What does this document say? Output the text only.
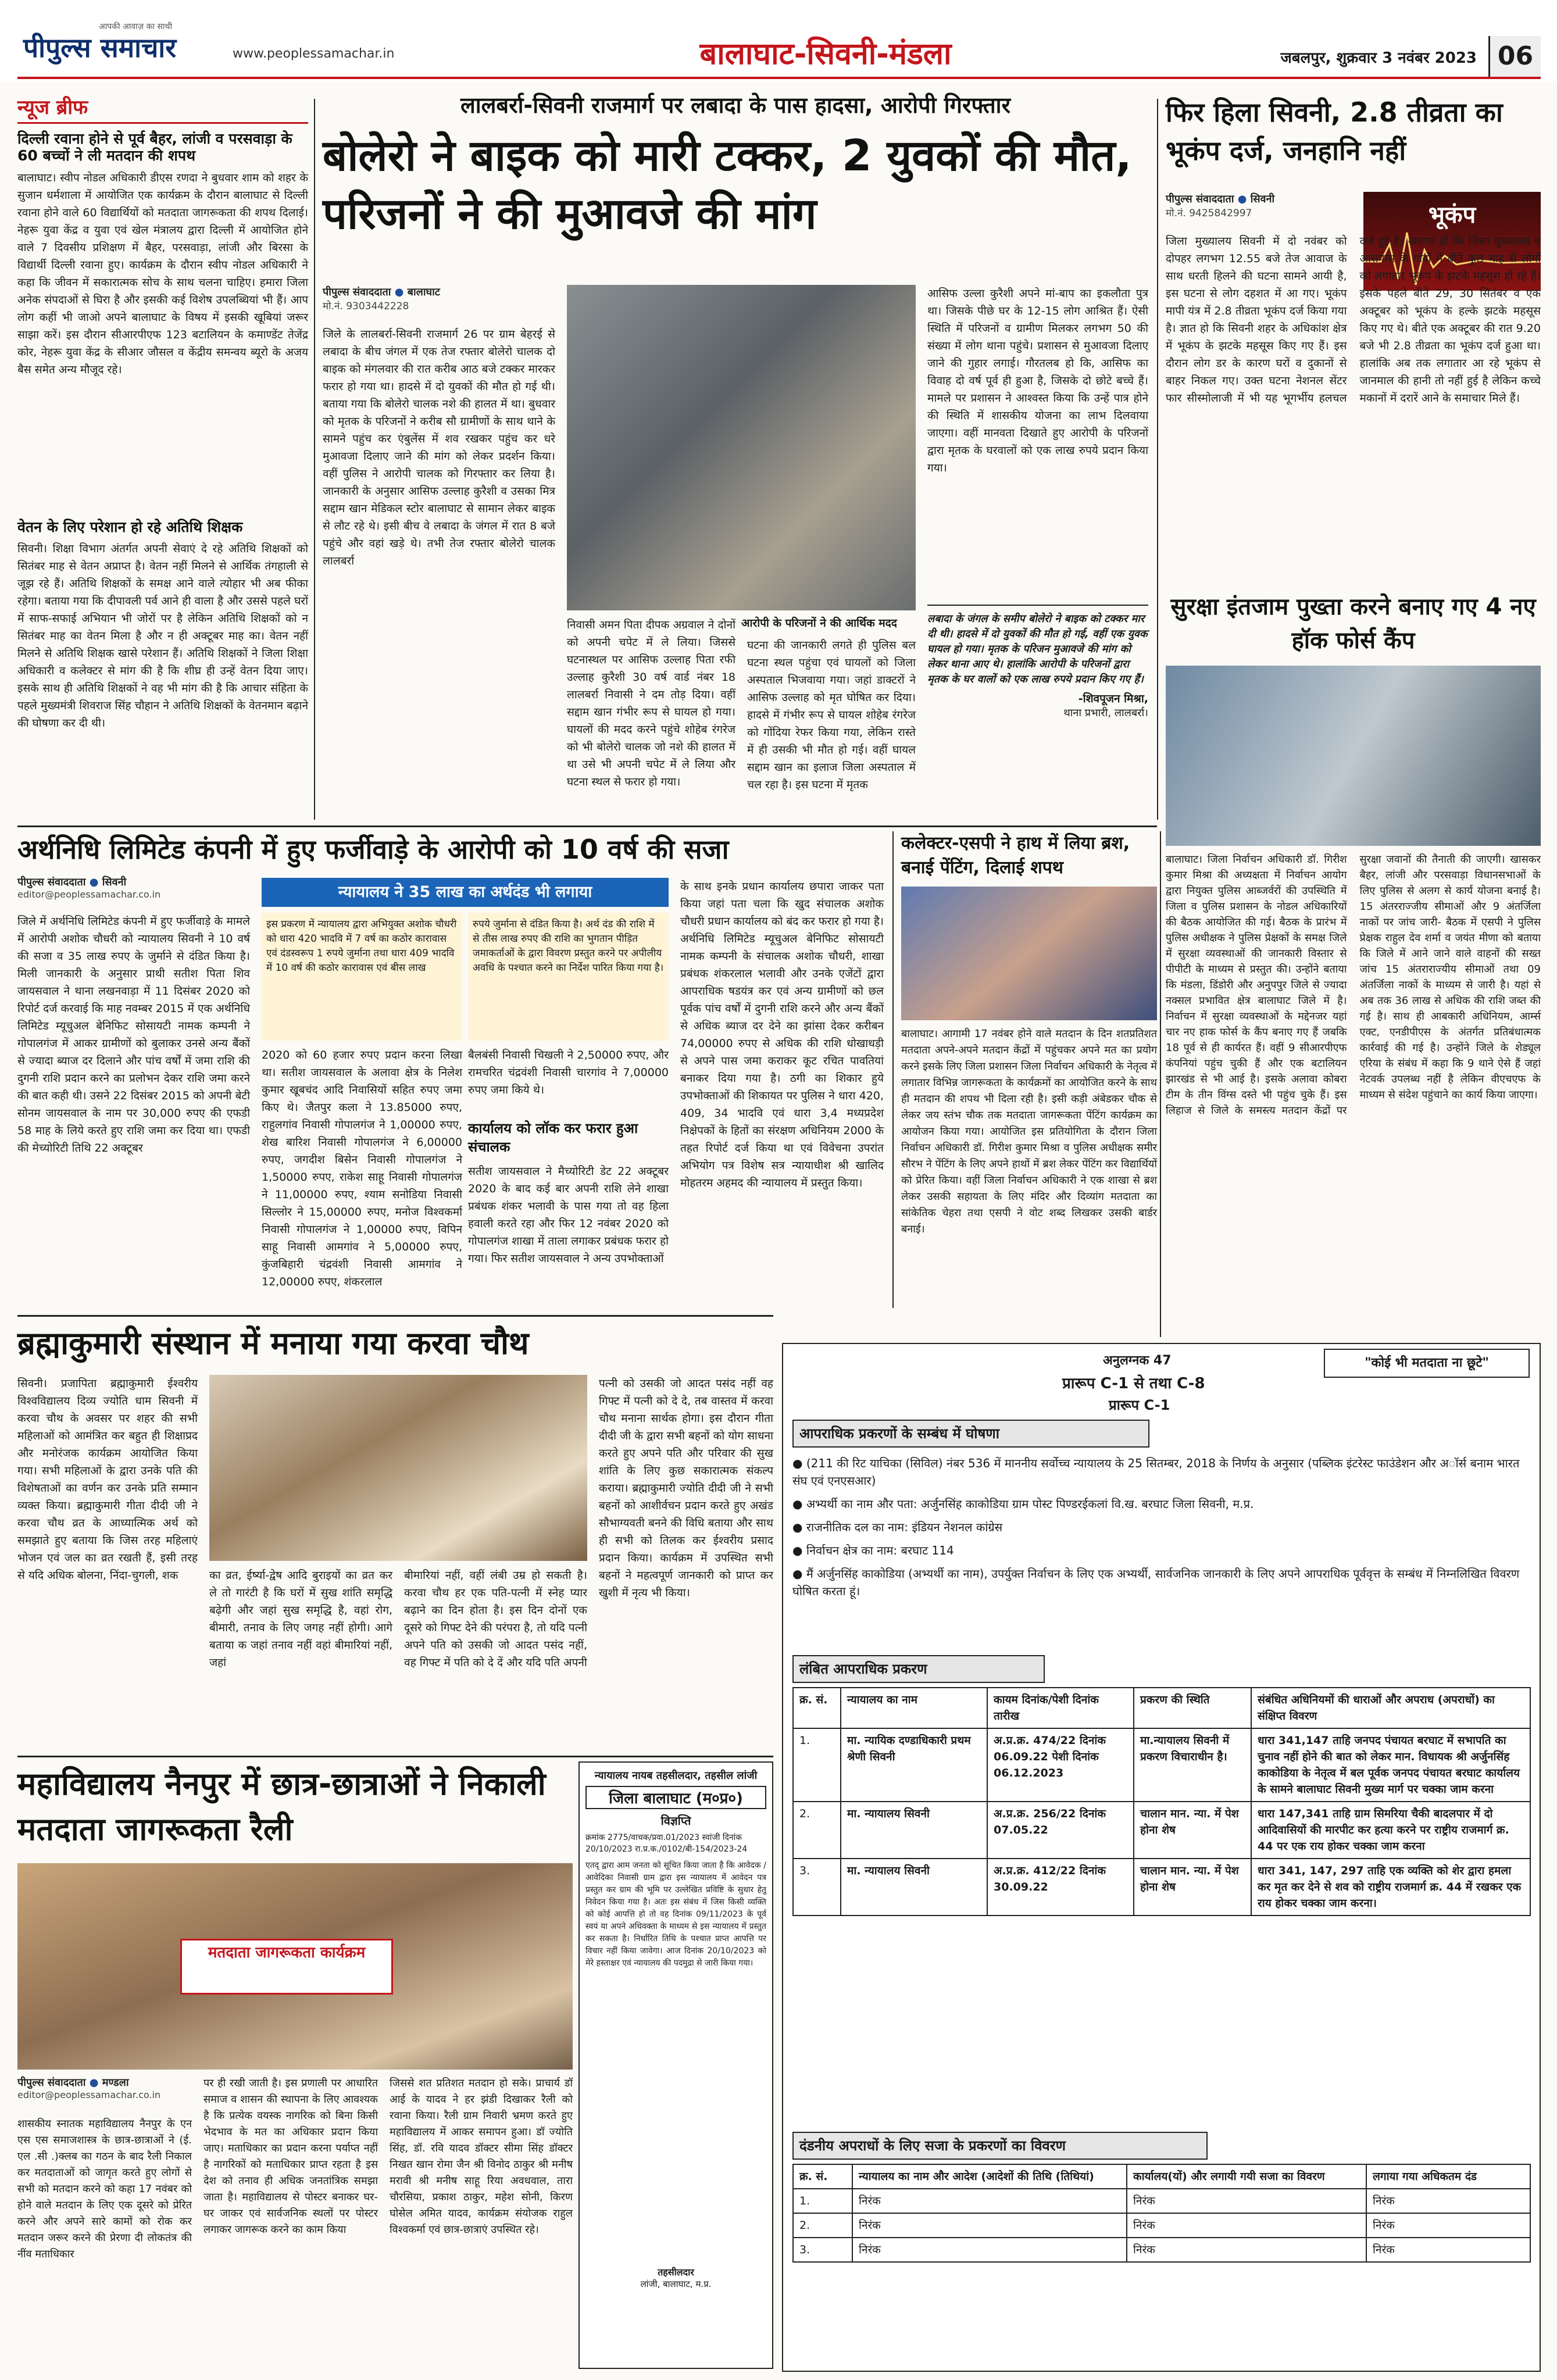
आपकी आवाज़ का साथी
पीपुल्स समाचार	www.peoplessamachar.in	बालाघाट-सिवनी-मंडला	जबलपुर, शुक्रवार 3 नवंबर 2023 06
न्यूज ब्रीफ
दिल्ली रवाना होने से पूर्व बैहर, लांजी व परसवाड़ा के 60 बच्चों ने ली मतदान की शपथ
बालाघाट। स्वीप नोडल अधिकारी डीएस रणदा ने बुधवार शाम को शहर के सुजान धर्मशाला में आयोजित एक कार्यक्रम के दौरान बालाघाट से दिल्ली रवाना होने वाले 60 विद्यार्थियों को मतदाता जागरूकता की शपथ दिलाई। नेहरू युवा केंद्र व युवा एवं खेल मंत्रालय द्वारा दिल्ली में आयोजित होने वाले 7 दिवसीय प्रशिक्षण में बैहर, परसवाड़ा, लांजी और बिरसा के विद्यार्थी दिल्ली रवाना हुए। कार्यक्रम के दौरान स्वीप नोडल अधिकारी ने कहा कि जीवन में सकारात्मक सोच के साथ चलना चाहिए। हमारा जिला अनेक संपदाओं से घिरा है और इसकी कई विशेष उपलब्धियां भी हैं। आप लोग कहीं भी जाओ अपने बालाघाट के विषय में इसकी खूबियां जरूर साझा करें। इस दौरान सीआरपीएफ 123 बटालियन के कमाण्डेंट तेजेंद्र कोर, नेहरू युवा केंद्र के सीआर जौसल व केंद्रीय समन्वय ब्यूरो के अजय बैस समेत अन्य मौजूद रहे।
वेतन के लिए परेशान हो रहे अतिथि शिक्षक
सिवनी। शिक्षा विभाग अंतर्गत अपनी सेवाएं दे रहे अतिथि शिक्षकों को सितंबर माह से वेतन अप्राप्त है। वेतन नहीं मिलने से आर्थिक तंगहाली से जूझ रहे हैं। अतिथि शिक्षकों के समक्ष आने वाले त्योहार भी अब फीका रहेगा। बताया गया कि दीपावली पर्व आने ही वाला है और उससे पहले घरों में साफ-सफाई अभियान भी जोरों पर है लेकिन अतिथि शिक्षकों को न सितंबर माह का वेतन मिला है और न ही अक्टूबर माह का। वेतन नहीं मिलने से अतिथि शिक्षक खासे परेशान हैं। अतिथि शिक्षकों ने जिला शिक्षा अधिकारी व कलेक्टर से मांग की है कि शीघ्र ही उन्हें वेतन दिया जाए। इसके साथ ही अतिथि शिक्षकों ने वह भी मांग की है कि आचार संहिता के पहले मुख्यमंत्री शिवराज सिंह चौहान ने अतिथि शिक्षकों के वेतनमान बढ़ाने की घोषणा कर दी थी।
लालबर्रा-सिवनी राजमार्ग पर लबादा के पास हादसा, आरोपी गिरफ्तार
बोलेरो ने बाइक को मारी टक्कर, 2 युवकों की मौत, परिजनों ने की मुआवजे की मांग
पीपुल्स संवाददाता ● बालाघाट
मो.नं. 9303442228
जिले के लालबर्रा-सिवनी राजमार्ग 26 पर ग्राम बेहरई से लबादा के बीच जंगल में एक तेज रफ्तार बोलेरो चालक दो बाइक को मंगलवार की रात करीब आठ बजे टक्कर मारकर फरार हो गया था। हादसे में दो युवकों की मौत हो गई थी। बताया गया कि बोलेरो चालक नशे की हालत में था। बुधवार को मृतक के परिजनों ने करीब सौ ग्रामीणों के साथ थाने के सामने पहुंच कर एंबुलेंस में शव रखकर पहुंच कर धरे मुआवजा दिलाए जाने की मांग को लेकर प्रदर्शन किया। वहीं पुलिस ने आरोपी चालक को गिरफ्तार कर लिया है। जानकारी के अनुसार आसिफ उल्लाह कुरैशी व उसका मित्र सद्दाम खान मेडिकल स्टोर बालाघाट से सामान लेकर बाइक से लौट रहे थे। इसी बीच वे लबादा के जंगल में रात 8 बजे पहुंचे और वहां खड़े थे। तभी तेज रफ्तार बोलेरो चालक लालबर्रा
आरोपी के परिजनों ने की आर्थिक मदद
निवासी अमन पिता दीपक अग्रवाल ने दोनों को अपनी चपेट में ले लिया। जिससे घटनास्थल पर आसिफ उल्लाह पिता रफी उल्लाह कुरैशी 30 वर्ष वार्ड नंबर 18 लालबर्रा निवासी ने दम तोड़ दिया। वहीं सद्दाम खान गंभीर रूप से घायल हो गया। घायलों की मदद करने पहुंचे शोहेब रंगरेज को भी बोलेरो चालक जो नशे की हालत में था उसे भी अपनी चपेट में ले लिया और घटना स्थल से फरार हो गया।
घटना की जानकारी लगते ही पुलिस बल घटना स्थल पहुंचा एवं घायलों को जिला अस्पताल भिजवाया गया। जहां डाक्टरों ने आसिफ उल्लाह को मृत घोषित कर दिया। हादसे में गंभीर रूप से घायल शोहेब रंगरेज को गोंदिया रेफर किया गया, लेकिन रास्ते में ही उसकी भी मौत हो गई। वहीं घायल सद्दाम खान का इलाज जिला अस्पताल में चल रहा है। इस घटना में मृतक
आसिफ उल्ला कुरैशी अपने मां-बाप का इकलौता पुत्र था। जिसके पीछे घर के 12-15 लोग आश्रित हैं। ऐसी स्थिति में परिजनों व ग्रामीण मिलकर लगभग 50 की संख्या में लोग थाना पहुंचे। प्रशासन से मुआवजा दिलाए जाने की गुहार लगाई। गौरतलब हो कि, आसिफ का विवाह दो वर्ष पूर्व ही हुआ है, जिसके दो छोटे बच्चे हैं। मामले पर प्रशासन ने आश्वस्त किया कि उन्हें पात्र होने की स्थिति में शासकीय योजना का लाभ दिलवाया जाएगा। वहीं मानवता दिखाते हुए आरोपी के परिजनों द्वारा मृतक के घरवालों को एक लाख रुपये प्रदान किया गया।
लबादा के जंगल के समीप बोलेरो ने बाइक को टक्कर मार दी थी। हादसे में दो युवकों की मौत हो गई, वहीं एक युवक घायल हो गया। मृतक के परिजन मुआवजे की मांग को लेकर थाना आए थे। हालांकि आरोपी के परिजनों द्वारा मृतक के घर वालों को एक लाख रुपये प्रदान किए गए हैं।
-शिवपूजन मिश्रा,
थाना प्रभारी, लालबर्रा।
फिर हिला सिवनी, 2.8 तीव्रता का भूकंप दर्ज, जनहानि नहीं
पीपुल्स संवाददाता ● सिवनी
मो.नं. 9425842997	भूकंप
जिला मुख्यालय सिवनी में दो नवंबर को दोपहर लगभग 12.55 बजे तेज आवाज के साथ धरती हिलने की घटना सामने आयी है, इस घटना से लोग दहशत में आ गए। भूकंप मापी यंत्र में 2.8 तीव्रता भूकंप दर्ज किया गया है। ज्ञात हो कि सिवनी शहर के अधिकांश क्षेत्र में भूकंप के झटके महसूस किए गए हैं। इस दौरान लोग डर के कारण घरों व दुकानों से बाहर निकल गए। उक्त घटना नेशनल सेंटर फार सीस्मोलाजी में भी यह भूगर्भीय हलचल दर्ज हुई है। अवगत हो कि जिला मुख्यालय व आसपास के गांवों में बीते कुछ माह से लोगों को लगातार भूकंप के झटके महसूस हो रहे हैं। इसके पहले बीते 29, 30 सितंबर व एक अक्टूबर को भूकंप के हल्के झटके महसूस किए गए थे। बीते एक अक्टूबर की रात 9.20 बजे भी 2.8 तीव्रता का भूकंप दर्ज हुआ था। हालांकि अब तक लगातार आ रहे भूकंप से जानमाल की हानी तो नहीं हुई है लेकिन कच्चे मकानों में दरारें आने के समाचार मिले हैं।
सुरक्षा इंतजाम पुख्ता करने बनाए गए 4 नए हॉक फोर्स कैंप
अर्थनिधि लिमिटेड कंपनी में हुए फर्जीवाड़े के आरोपी को 10 वर्ष की सजा
पीपुल्स संवाददाता ● सिवनी
editor@peoplessamachar.co.in
जिले में अर्थनिधि लिमिटेड कंपनी में हुए फर्जीवाड़े के मामले में आरोपी अशोक चौधरी को न्यायालय सिवनी ने 10 वर्ष की सजा व 35 लाख रुपए के जुर्माने से दंडित किया है। मिली जानकारी के अनुसार प्राथी सतीश पिता शिव जायसवाल ने थाना लखनवाड़ा में 11 दिसंबर 2020 को रिपोर्ट दर्ज करवाई कि माह नवम्बर 2015 में एक अर्थनिधि लिमिटेड म्यूचुअल बेनिफिट सोसायटी नामक कम्पनी ने गोपालगंज में आकर ग्रामीणों को बुलाकर उनसे अन्य बैंकों से ज्यादा ब्याज दर दिलाने और पांच वर्षों में जमा राशि की दुगनी राशि प्रदान करने का प्रलोभन देकर राशि जमा करने की बात कही थी। उसने 22 दिसंबर 2015 को अपनी बेटी सोनम जायसवाल के नाम पर 30,000 रुपए की एफडी 58 माह के लिये करते हुए राशि जमा कर दिया था। एफडी की मेच्योरिटी तिथि 22 अक्टूबर
न्यायालय ने 35 लाख का अर्थदंड भी लगाया
इस प्रकरण में न्यायालय द्वारा अभियुक्त अशोक चौधरी को धारा 420 भादवि में 7 वर्ष का कठोर कारावास एवं दंडस्वरूप 1 रुपये जुर्माना तथा धारा 409 भादवि में 10 वर्ष की कठोर कारावास एवं बीस लाख
रुपये जुर्माना से दंडित किया है। अर्थ दंड की राशि में से तीस लाख रुपए की राशि का भुगतान पीड़ित जमाकर्ताओं के द्वारा विवरण प्रस्तुत करने पर अपीलीय अवधि के पश्चात करने का निर्देश पारित किया गया है।
2020 को 60 हजार रुपए प्रदान करना लिखा था। सतीश जायसवाल के अलावा क्षेत्र के निलेश कुमार खूबचंद आदि निवासियों सहित रुपए जमा किए थे। जैतपुर कला ने 13.85000 रुपए, राहुलगांव निवासी गोपालगंज ने 1,00000 रुपए, शेख बारिश निवासी गोपालगंज ने 6,00000 रुपए, जगदीश बिसेन निवासी गोपालगंज ने 1,50000 रुपए, राकेश साहू निवासी गोपालगंज ने 11,00000 रुपए, श्याम सनोडिया निवासी सिल्लोर ने 15,00000 रुपए, मनोज विश्वकर्मा निवासी गोपालगंज ने 1,00000 रुपए, विपिन साहू निवासी आमगांव ने 5,00000 रुपए, कुंजबिहारी चंद्रवंशी निवासी आमगांव ने 12,00000 रुपए, शंकरलाल
बैलबंसी निवासी चिखली ने 2,50000 रुपए, और रामचरित चंद्रवंशी निवासी चारगांव ने 7,00000 रुपए जमा किये थे।
कार्यालय को लॉक कर फरार हुआ संचालक
सतीश जायसवाल ने मैच्योरिटी डेट 22 अक्टूबर 2020 के बाद कई बार अपनी राशि लेने शाखा प्रबंधक शंकर भलावी के पास गया तो वह हिला हवाली करते रहा और फिर 12 नवंबर 2020 को गोपालगंज शाखा में ताला लगाकर प्रबंधक फरार हो गया। फिर सतीश जायसवाल ने अन्य उपभोक्ताओं
के साथ इनके प्रधान कार्यालय छपारा जाकर पता किया जहां पता चला कि खुद संचालक अशोक चौधरी प्रधान कार्यालय को बंद कर फरार हो गया है। अर्थनिधि लिमिटेड म्यूचुअल बेनिफिट सोसायटी नामक कम्पनी के संचालक अशोक चौधरी, शाखा प्रबंधक शंकरलाल भलावी और उनके एजेंटों द्वारा आपराधिक षडयंत्र कर एवं अन्य ग्रामीणों को छल पूर्वक पांच वर्षों में दुगनी राशि करने और अन्य बैंकों से अधिक ब्याज दर देने का झांसा देकर करीबन 74,00000 रुपए से अधिक की राशि धोखाधड़ी से अपने पास जमा कराकर कूट रचित पावतियां बनाकर दिया गया है। ठगी का शिकार हुये उपभोक्ताओं की शिकायत पर पुलिस ने धारा 420, 409, 34 भादवि एवं धारा 3,4 मध्यप्रदेश निक्षेपकों के हितों का संरक्षण अधिनियम 2000 के तहत रिपोर्ट दर्ज किया था एवं विवेचना उपरांत अभियोग पत्र विशेष सत्र न्यायाधीश श्री खालिद मोहतरम अहमद की न्यायालय में प्रस्तुत किया।
कलेक्टर-एसपी ने हाथ में लिया ब्रश, बनाई पेंटिंग, दिलाई शपथ
बालाघाट। आगामी 17 नवंबर होने वाले मतदान के दिन शतप्रतिशत मतदाता अपने-अपने मतदान केंद्रों में पहुंचकर अपने मत का प्रयोग करने इसके लिए जिला प्रशासन जिला निर्वाचन अधिकारी के नेतृत्व में लगातार विभिन्न जागरूकता के कार्यक्रमों का आयोजित करने के साथ ही मतदान की शपथ भी दिला रही है। इसी कड़ी अंबेडकर चौक से लेकर जय स्तंभ चौक तक मतदाता जागरूकता पेंटिंग कार्यक्रम का आयोजन किया गया। आयोजित इस प्रतियोगिता के दौरान जिला निर्वाचन अधिकारी डॉ. गिरीश कुमार मिश्रा व पुलिस अधीक्षक समीर सौरभ ने पेंटिंग के लिए अपने हाथों में ब्रश लेकर पेंटिंग कर विद्यार्थियों को प्रेरित किया। वहीं जिला निर्वाचन अधिकारी ने एक शाखा से ब्रश लेकर उसकी सहायता के लिए मंदिर और दिव्यांग मतदाता का सांकेतिक चेहरा तथा एसपी ने वोट शब्द लिखकर उसकी बार्डर बनाई।
बालाघाट। जिला निर्वाचन अधिकारी डॉ. गिरीश कुमार मिश्रा की अध्यक्षता में निर्वाचन आयोग द्वारा नियुक्त पुलिस आब्जर्वरों की उपस्थिति में जिला व पुलिस प्रशासन के नोडल अधिकारियों की बैठक आयोजित की गई। बैठक के प्रारंभ में पुलिस अधीक्षक ने पुलिस प्रेक्षकों के समक्ष जिले में सुरक्षा व्यवस्थाओं की जानकारी विस्तार से पीपीटी के माध्यम से प्रस्तुत की। उन्होंने बताया कि मंडला, डिंडोरी और अनुपपुर जिले से ज्यादा नक्सल प्रभावित क्षेत्र बालाघाट जिले में है। निर्वाचन में सुरक्षा व्यवस्थाओं के मद्देनजर यहां चार नए हाक फोर्स के कैंप बनाए गए हैं जबकि 18 पूर्व से ही कार्यरत हैं। वहीं 9 सीआरपीएफ कंपनियां पहुंच चुकी हैं और एक बटालियन झारखंड से भी आई है। इसके अलावा कोबरा टीम के तीन विंग्स दस्ते भी पहुंच चुके हैं। इस लिहाज से जिले के समस्त्य मतदान केंद्रों पर सुरक्षा जवानों की तैनाती की जाएगी। खासकर बैहर, लांजी और परसवाड़ा विधानसभाओं के लिए पुलिस से अलग से कार्य योजना बनाई है। 15 अंतरराज्जीय सीमाओं और 9 अंतर्जिला नाकों पर जांच जारी- बैठक में एसपी ने पुलिस प्रेक्षक राहुल देव शर्मा व जयंत मीणा को बताया कि जिले में आने जाने वाले वाहनों की सख्त जांच 15 अंतराराज्यीय सीमाओं तथा 09 अंतर्जिला नाकों के माध्यम से जारी है। यहां से अब तक 36 लाख से अधिक की राशि जब्त की गई है। साथ ही आबकारी अधिनियम, आर्म्स एक्ट, एनडीपीएस के अंतर्गत प्रतिबंधात्मक कार्रवाई की गई है। उन्होंने जिले के शेड्यूल एरिया के संबंध में कहा कि 9 थाने ऐसे हैं जहां नेटवर्क उपलब्ध नहीं है लेकिन वीएचएफ के माध्यम से संदेश पहुंचाने का कार्य किया जाएगा।
ब्रह्माकुमारी संस्थान में मनाया गया करवा चौथ
सिवनी। प्रजापिता ब्रह्माकुमारी ईश्वरीय विश्वविद्यालय दिव्य ज्योति धाम सिवनी में करवा चौथ के अवसर पर शहर की सभी महिलाओं को आमंत्रित कर बहुत ही शिक्षाप्रद और मनोरंजक कार्यक्रम आयोजित किया गया। सभी महिलाओं के द्वारा उनके पति की विशेषताओं का वर्णन कर उनके प्रति सम्मान व्यक्त किया। ब्रह्माकुमारी गीता दीदी जी ने करवा चौथ व्रत के आध्यात्मिक अर्थ को समझाते हुए बताया कि जिस तरह महिलाएं भोजन एवं जल का व्रत रखती हैं, इसी तरह से यदि अधिक बोलना, निंदा-चुगली, शक	का व्रत, ईर्ष्या-द्वेष आदि बुराइयों का व्रत कर ले तो गारंटी है कि घरों में सुख शांति समृद्धि बढ़ेगी और जहां सुख समृद्धि है, वहां रोग, बीमारी, तनाव के लिए जगह नहीं होगी। आगे बताया क जहां तनाव नहीं वहां बीमारियां नहीं, जहां
बीमारियां नहीं, वहीं लंबी उम्र हो सकती है। करवा चौथ हर एक पति-पत्नी में स्नेह प्यार बढ़ाने का दिन होता है। इस दिन दोनों एक दूसरे को गिफ्ट देने की परंपरा है, तो यदि पत्नी अपने पति को उसकी जो आदत पसंद नहीं, वह गिफ्ट में पति को दे दें और यदि पति अपनी
पत्नी को उसकी जो आदत पसंद नहीं वह गिफ्ट में पत्नी को दे दे, तब वास्तव में करवा चौथ मनाना सार्थक होगा। इस दौरान गीता दीदी जी के द्वारा सभी बहनों को योग साधना करते हुए अपने पति और परिवार की सुख शांति के लिए कुछ सकारात्मक संकल्प कराया। ब्रह्माकुमारी ज्योति दीदी जी ने सभी बहनों को आशीर्वचन प्रदान करते हुए अखंड सौभाग्यवती बनने की विधि बताया और साथ ही सभी को तिलक कर ईश्वरीय प्रसाद प्रदान किया। कार्यक्रम में उपस्थित सभी बहनों ने महत्वपूर्ण जानकारी को प्राप्त कर खुशी में नृत्य भी किया।
महाविद्यालय नैनपुर में छात्र-छात्राओं ने निकाली मतदाता जागरूकता रैली
मतदाता जागरूकता कार्यक्रम
पीपुल्स संवाददाता ● मण्डला
editor@peoplessamachar.co.in
शासकीय स्नातक महाविद्यालय नैनपुर के एन एस एस समाजशास्त्र के छात्र-छात्राओं ने (ई. एल .सी .)क्लब का गठन के बाद रैली निकाल कर मतदाताओं को जागृत करते हुए लोगों से सभी को मतदान करने को कहा 17 नवंबर को होने वाले मतदान के लिए एक दूसरे को प्रेरित करने और अपने सारे कामों को रोक कर मतदान जरूर करने की प्रेरणा दी लोकतंत्र की नींव मताधिकार
पर ही रखी जाती है। इस प्रणाली पर आधारित समाज व शासन की स्थापना के लिए आवश्यक है कि प्रत्येक वयस्क नागरिक को बिना किसी भेदभाव के मत का अधिकार प्रदान किया जाए। मताधिकार का प्रदान करना पर्याप्त नहीं है नागरिकों को मताधिकार प्राप्त रहता है इस देश को तनाव ही अधिक जनतांत्रिक समझा जाता है। महाविद्यालय से पोस्टर बनाकर घर-घर जाकर एवं सार्वजनिक स्थलों पर पोस्टर लगाकर जागरूक करने का काम किया
जिससे शत प्रतिशत मतदान हो सके। प्राचार्य डॉ आई के यादव ने हर झंडी दिखाकर रैली को रवाना किया। रैली ग्राम निवारी भ्रमण करते हुए महाविद्यालय में आकर समापन हुआ। डॉ ज्योति सिंह, डॉ. रवि यादव डॉक्टर सीमा सिंह डॉक्टर निखत खान रोमा जैन श्री विनोद ठाकुर श्री मनीष मरावी श्री मनीष साहू रिया अवधवाल, तारा चौरसिया, प्रकाश ठाकुर, महेश सोनी, किरण घोसेल अमित यादव, कार्यक्रम संयोजक राहुल विश्वकर्मा एवं छात्र-छात्राएं उपस्थित रहे।
न्यायालय नायब तहसीलदार, तहसील लांजी
जिला बालाघाट (म०प्र०)
विज्ञप्ति
क्रमांक 2775/वाचक/प्रवा.01/2023 स्वांजी दिनांक 20/10/2023 रा.प्र.क./0102/बी-154/2023-24
एतद् द्वारा आम जनता को सूचित किया जाता है कि आवेदक / आवेदिका निवासी ग्राम द्वारा इस न्यायालय में आवेदन पत्र प्रस्तुत कर ग्राम की भूमि पर उल्लेखित प्रविष्टि के सुधार हेतु निवेदन किया गया है। अतः इस संबंध में जिस किसी व्यक्ति को कोई आपत्ति हो तो वह दिनांक 09/11/2023 के पूर्व स्वयं या अपने अधिवक्ता के माध्यम से इस न्यायालय में प्रस्तुत कर सकता है। निर्धारित तिथि के पश्चात प्राप्त आपत्ति पर विचार नहीं किया जावेगा। आज दिनांक 20/10/2023 को मेरे हस्ताक्षर एवं न्यायालय की पदमुद्रा से जारी किया गया।
तहसीलदार
लांजी, बालाघाट, म.प्र.
अनुलग्नक 47	"कोई भी मतदाता ना छूटे"
प्रारूप C-1 से तथा C-8
प्रारूप C-1
आपराधिक प्रकरणों के सम्बंध में घोषणा
● (211 की रिट याचिका (सिविल) नंबर 536 में माननीय सर्वोच्च न्यायालय के 25 सितम्बर, 2018 के निर्णय के अनुसार (पब्लिक इंटरेस्ट फाउंडेशन और अॉर्स बनाम भारत संघ एवं एनएसआर)
● अभ्यर्थी का नाम और पता: अर्जुनसिंह काकोडिया ग्राम पोस्ट पिण्डरईकलां वि.ख. बरघाट जिला सिवनी, म.प्र.
● राजनीतिक दल का नाम: इंडियन नेशनल कांग्रेस
● निर्वाचन क्षेत्र का नाम: बरघाट 114
● मैं अर्जुनसिंह काकोडिया (अभ्यर्थी का नाम), उपर्युक्त निर्वाचन के लिए एक अभ्यर्थी, सार्वजनिक जानकारी के लिए अपने आपराधिक पूर्ववृत्त के सम्बंध में निम्नलिखित विवरण घोषित करता हूं।
लंबित आपराधिक प्रकरण
क्र. सं.	न्यायालय का नाम	कायम दिनांक/पेशी दिनांक तारीख	प्रकरण की स्थिति	संबंधित अधिनियमों की धाराओं और अपराध (अपराधों) का संक्षिप्त विवरण
1.	मा. न्यायिक दण्डाधिकारी प्रथम श्रेणी सिवनी	अ.प्र.क्र. 474/22 दिनांक 06.09.22 पेशी दिनांक 06.12.2023	मा.न्यायालय सिवनी में प्रकरण विचाराधीन है।	धारा 341,147 ताहि जनपद पंचायत बरघाट में सभापति का चुनाव नहीं होने की बात को लेकर मान. विधायक श्री अर्जुनसिंह काकोडिया के नेतृत्व में बल पूर्वक जनपद पंचायत बरघाट कार्यालय के सामने बालाघाट सिवनी मुख्य मार्ग पर चक्का जाम करना
2.	मा. न्यायालय सिवनी	अ.प्र.क्र. 256/22 दिनांक 07.05.22	चालान मान. न्या. में पेश होना शेष	धारा 147,341 ताहि ग्राम सिमरिया चैकी बादलपार में दो आदिवासियों की मारपीट कर हत्या करने पर राष्ट्रीय राजमार्ग क्र. 44 पर एक राय होकर चक्का जाम करना
3.	मा. न्यायालय सिवनी	अ.प्र.क्र. 412/22 दिनांक 30.09.22	चालान मान. न्या. में पेश होना शेष	धारा 341, 147, 297 ताहि एक व्यक्ति को शेर द्वारा हमला कर मृत कर देने से शव को राष्ट्रीय राजमार्ग क्र. 44 में रखकर एक राय होकर चक्का जाम करना।
दंडनीय अपराधों के लिए सजा के प्रकरणों का विवरण
क्र. सं.	न्यायालय का नाम और आदेश (आदेशों की तिथि (तिथियां)	कार्यालय(यों) और लगायी गयी सजा का विवरण	लगाया गया अधिकतम दंड
1.	निरंक	निरंक	निरंक
2.	निरंक	निरंक	निरंक
3.	निरंक	निरंक	निरंक
